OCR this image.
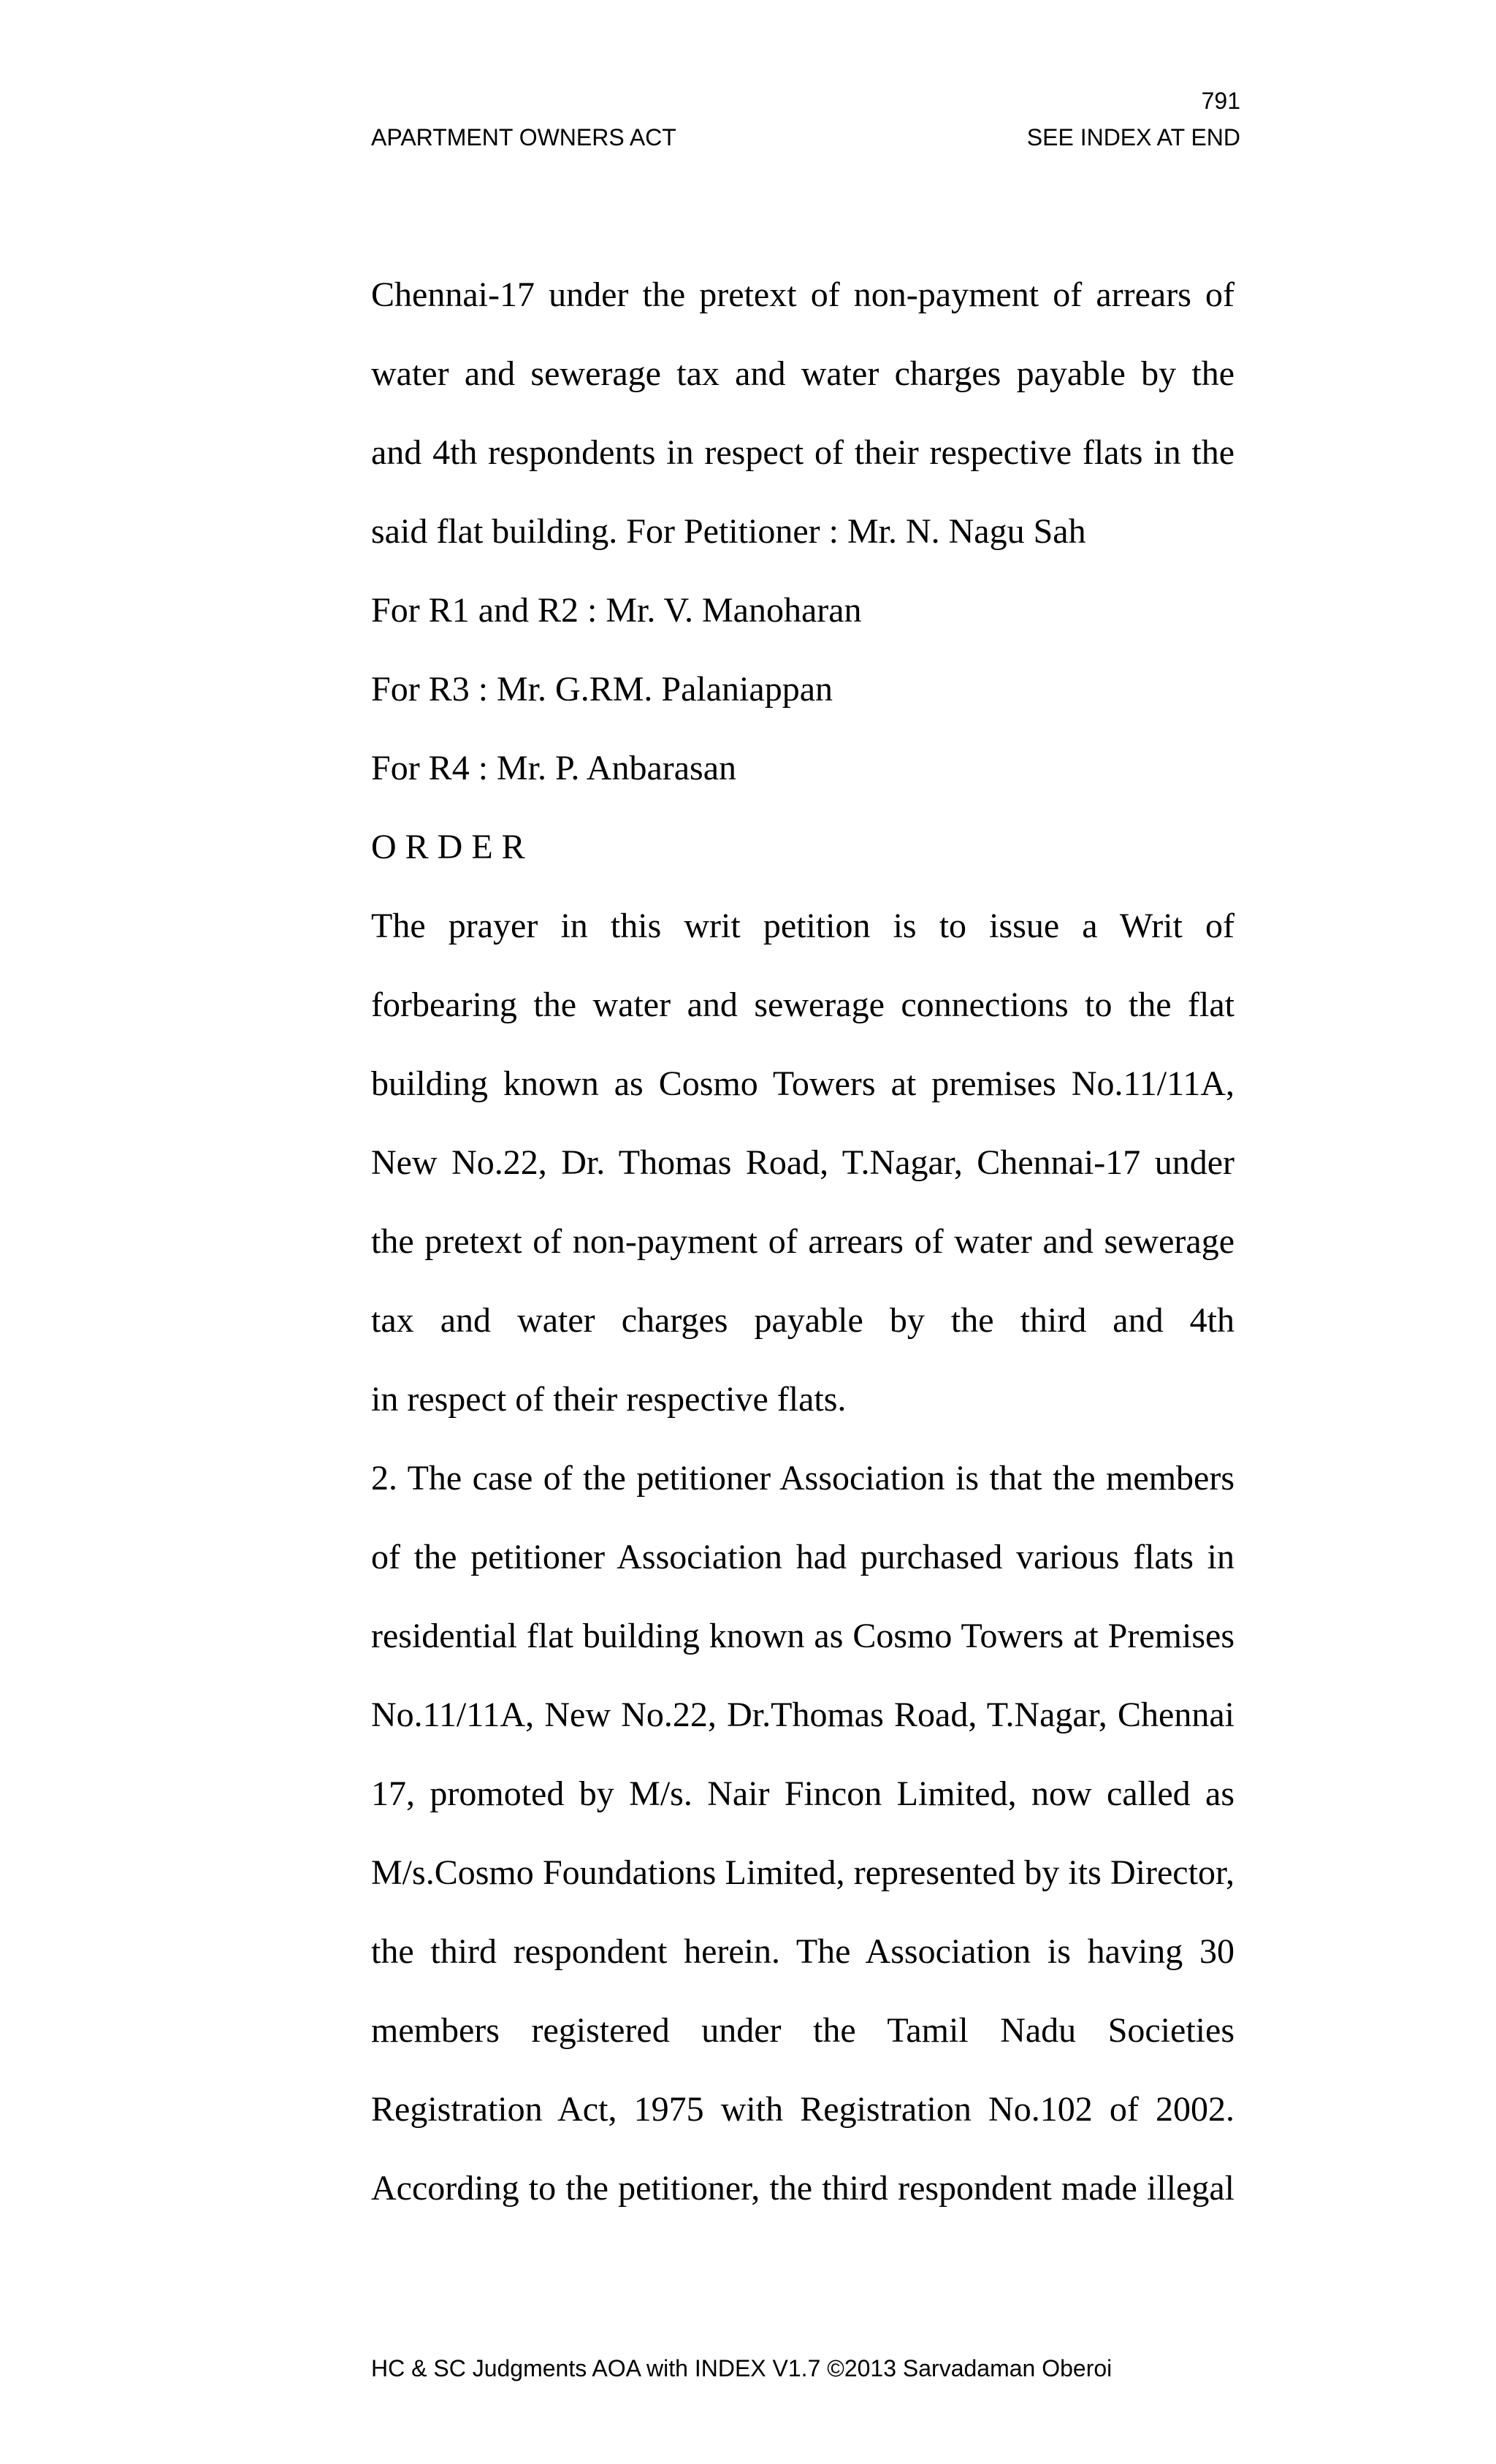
791
APARTMENT OWNERS ACT	SEE INDEX AT END
Chennai-17 under the pretext of non-payment of arrears of
water and sewerage tax and water charges payable by the
and 4th respondents in respect of their respective flats in the
said flat building. For Petitioner : Mr. N. Nagu Sah
For R1 and R2 : Mr. V. Manoharan
For R3 : Mr. G.RM. Palaniappan
For R4 : Mr. P. Anbarasan
O R D E R
The prayer in this writ petition is to issue a Writ of
forbearing the water and sewerage connections to the flat
building known as Cosmo Towers at premises No.11/11A,
New No.22, Dr. Thomas Road, T.Nagar, Chennai-17 under
the pretext of non-payment of arrears of water and sewerage
tax and water charges payable by the third and 4th
in respect of their respective flats.
2. The case of the petitioner Association is that the members
of the petitioner Association had purchased various flats in
residential flat building known as Cosmo Towers at Premises
No.11/11A, New No.22, Dr.Thomas Road, T.Nagar, Chennai
17, promoted by M/s. Nair Fincon Limited, now called as
M/s.Cosmo Foundations Limited, represented by its Director,
the third respondent herein. The Association is having 30
members registered under the Tamil Nadu Societies
Registration Act, 1975 with Registration No.102 of 2002.
According to the petitioner, the third respondent made illegal
HC & SC Judgments AOA with INDEX V1.7 ©2013 Sarvadaman Oberoi
